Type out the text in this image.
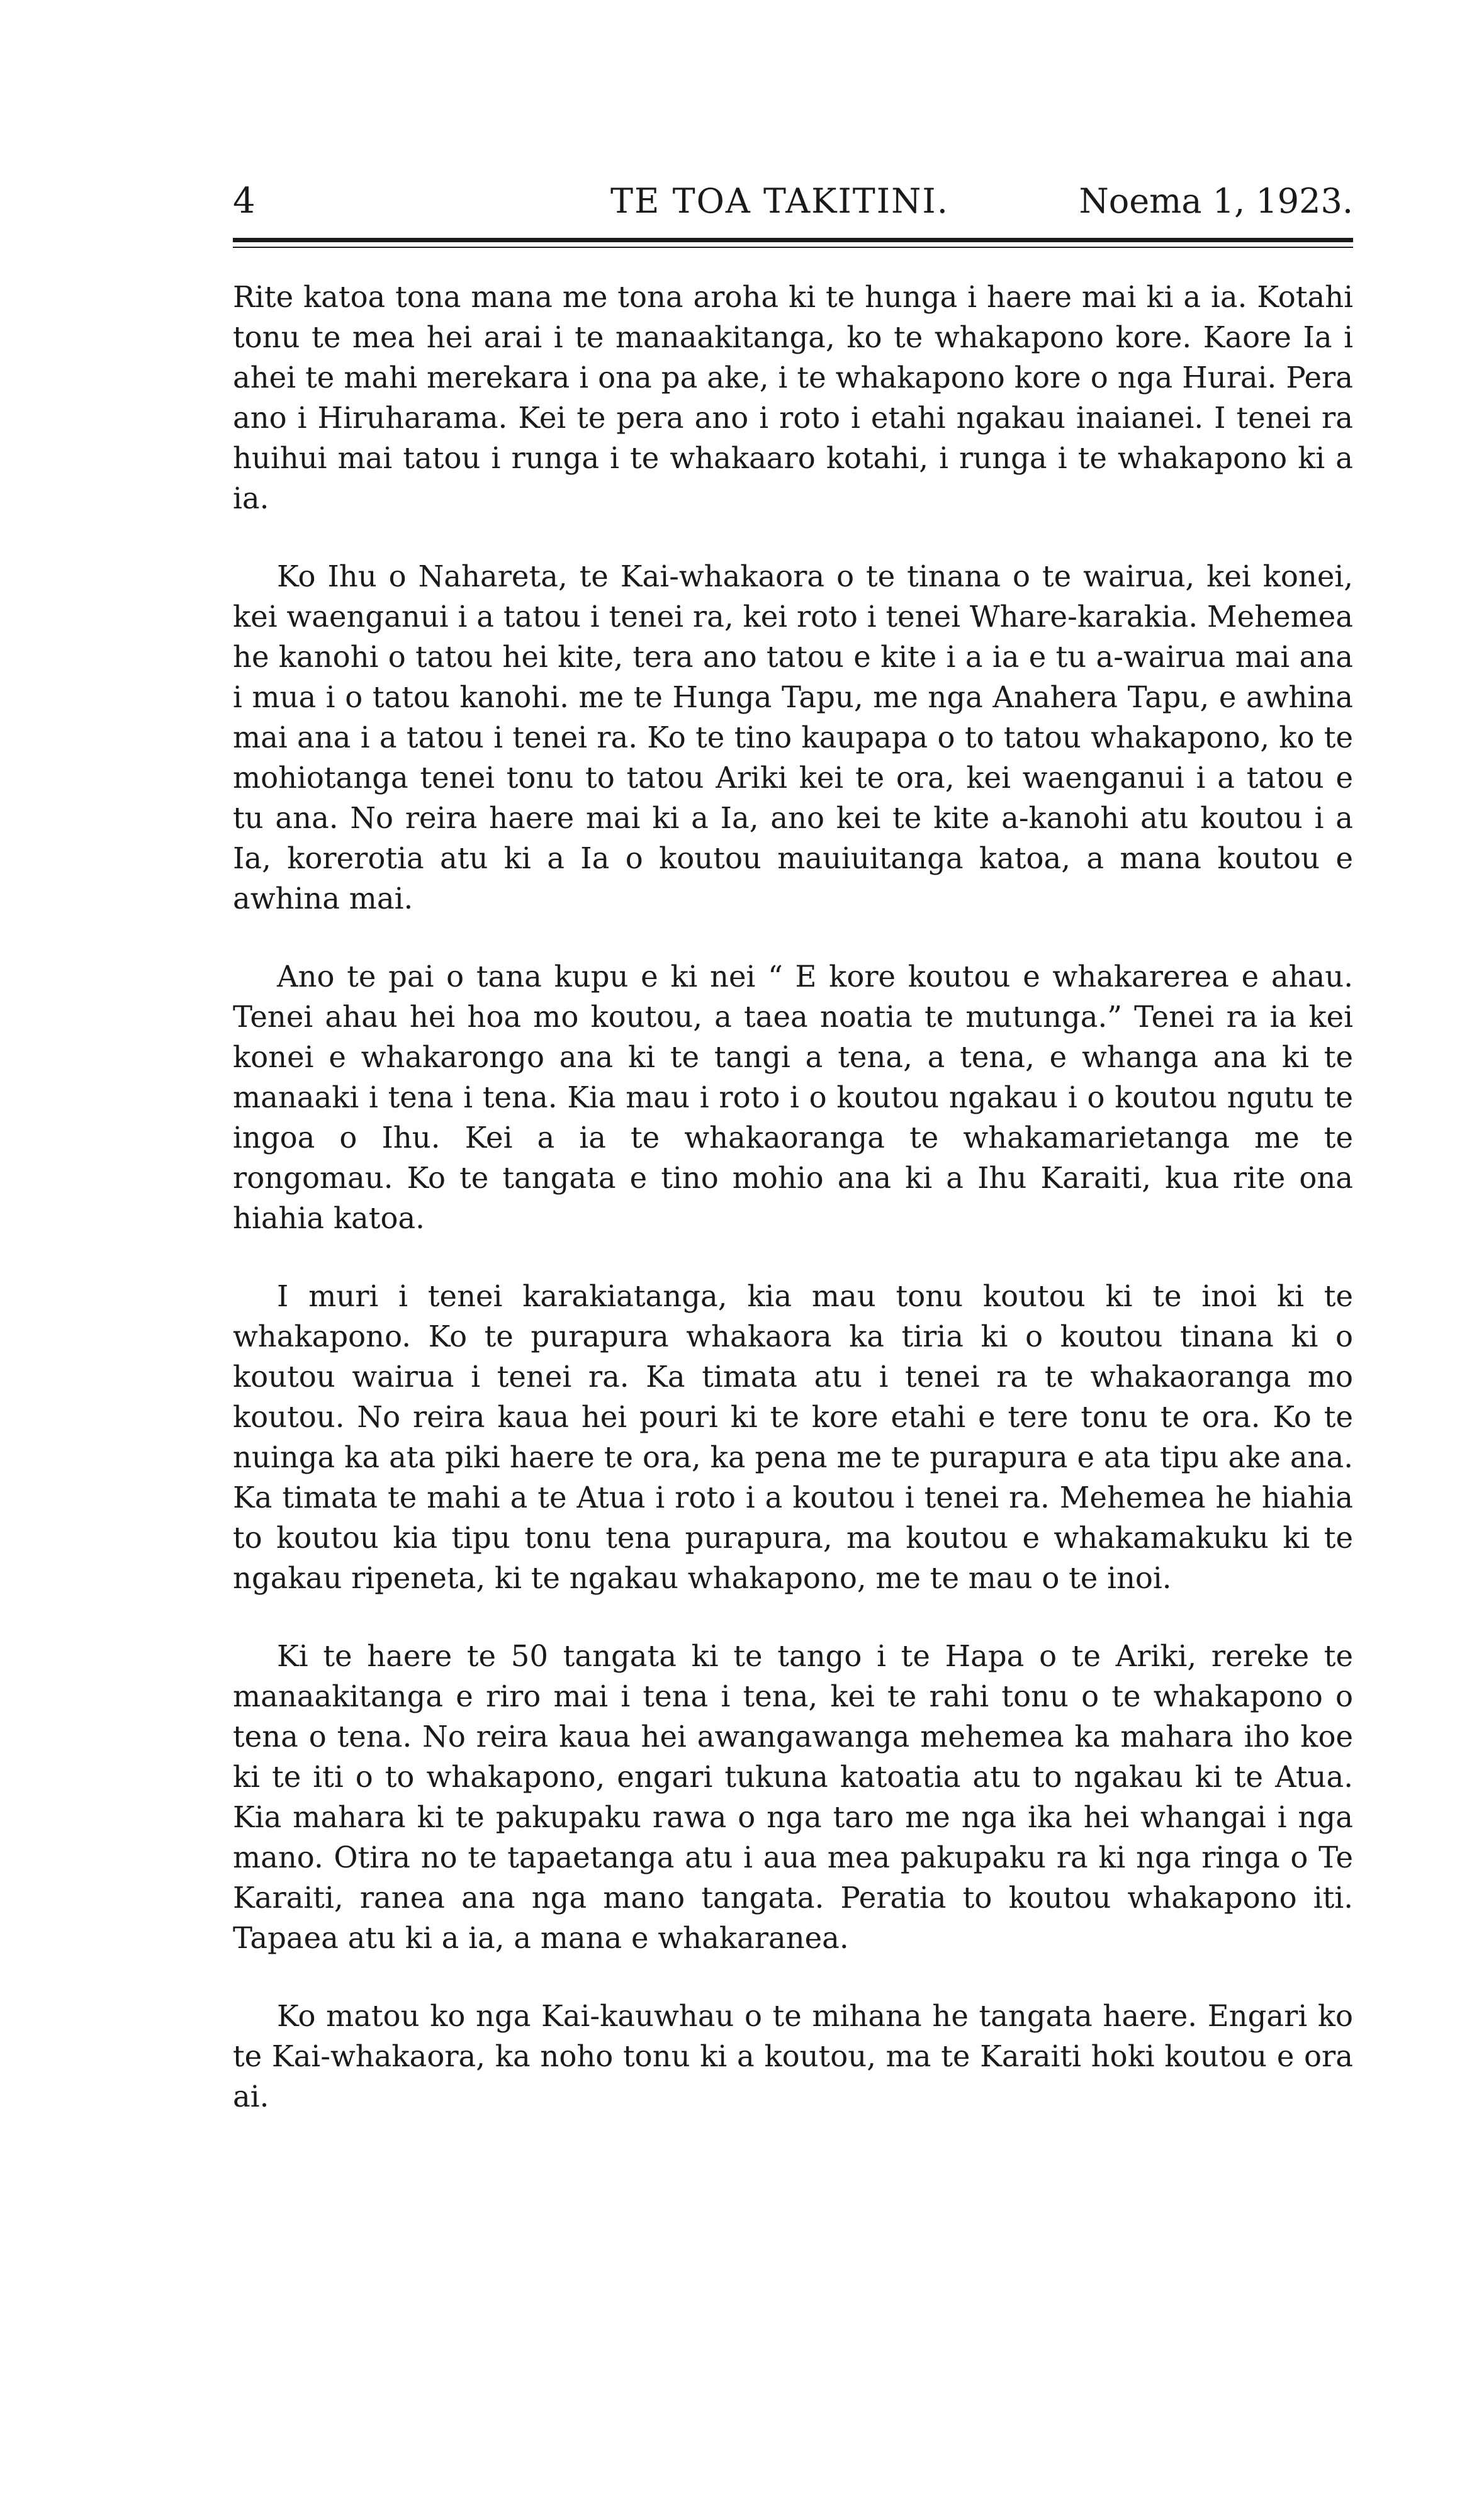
4	TE TOA TAKITINI.	Noema 1, 1923.

Rite katoa tona mana me tona aroha ki te hunga i haere mai ki a ia. Kotahi tonu te mea hei arai i te manaakitanga, ko te whakapono kore. Kaore Ia i ahei te mahi merekara i ona pa ake, i te whakapono kore o nga Hurai. Pera ano i Hiruharama. Kei te pera ano i roto i etahi ngakau inaianei. I tenei ra huihui mai tatou i runga i te whakaaro kotahi, i runga i te whakapono ki a ia.

Ko Ihu o Nahareta, te Kai-whakaora o te tinana o te wairua, kei konei, kei waenganui i a tatou i tenei ra, kei roto i tenei Whare-karakia. Mehemea he kanohi o tatou hei kite, tera ano tatou e kite i a ia e tu a-wairua mai ana i mua i o tatou kanohi. me te Hunga Tapu, me nga Anahera Tapu, e awhina mai ana i a tatou i tenei ra. Ko te tino kaupapa o to tatou whakapono, ko te mohiotanga tenei tonu to tatou Ariki kei te ora, kei waenganui i a tatou e tu ana. No reira haere mai ki a Ia, ano kei te kite a-kanohi atu koutou i a Ia, korerotia atu ki a Ia o koutou mauiuitanga katoa, a mana koutou e awhina mai.

Ano te pai o tana kupu e ki nei “ E kore koutou e whakarerea e ahau. Tenei ahau hei hoa mo koutou, a taea noatia te mutunga.” Tenei ra ia kei konei e whakarongo ana ki te tangi a tena, a tena, e whanga ana ki te manaaki i tena i tena. Kia mau i roto i o koutou ngakau i o koutou ngutu te ingoa o Ihu. Kei a ia te whakaoranga te whakamarietanga me te rongomau. Ko te tangata e tino mohio ana ki a Ihu Karaiti, kua rite ona hiahia katoa.

I muri i tenei karakiatanga, kia mau tonu koutou ki te inoi ki te whakapono. Ko te purapura whakaora ka tiria ki o koutou tinana ki o koutou wairua i tenei ra. Ka timata atu i tenei ra te whakaoranga mo koutou. No reira kaua hei pouri ki te kore etahi e tere tonu te ora. Ko te nuinga ka ata piki haere te ora, ka pena me te purapura e ata tipu ake ana. Ka timata te mahi a te Atua i roto i a koutou i tenei ra. Mehemea he hiahia to koutou kia tipu tonu tena purapura, ma koutou e whakamakuku ki te ngakau ripeneta, ki te ngakau whakapono, me te mau o te inoi.

Ki te haere te 50 tangata ki te tango i te Hapa o te Ariki, rereke te manaakitanga e riro mai i tena i tena, kei te rahi tonu o te whakapono o tena o tena. No reira kaua hei awangawanga mehemea ka mahara iho koe ki te iti o to whakapono, engari tukuna katoatia atu to ngakau ki te Atua. Kia mahara ki te pakupaku rawa o nga taro me nga ika hei whangai i nga mano. Otira no te tapaetanga atu i aua mea pakupaku ra ki nga ringa o Te Karaiti, ranea ana nga mano tangata. Peratia to koutou whakapono iti. Tapaea atu ki a ia, a mana e whakaranea.

Ko matou ko nga Kai-kauwhau o te mihana he tangata haere. Engari ko te Kai-whakaora, ka noho tonu ki a koutou, ma te Karaiti hoki koutou e ora ai.
